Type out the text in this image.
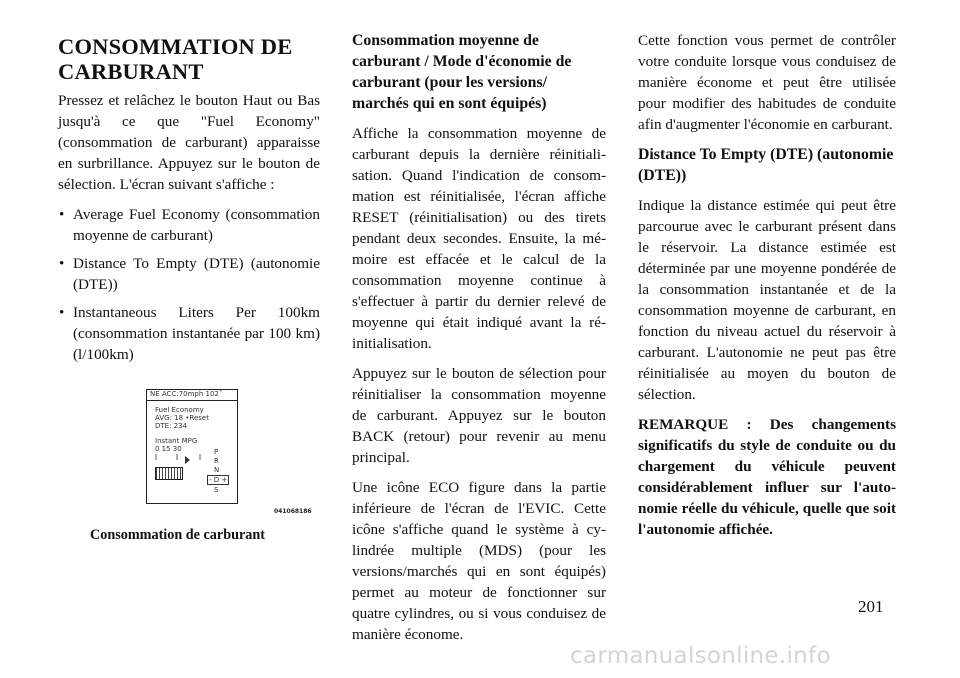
CONSOMMATION DE
CARBURANT

Pressez et relâchez le bouton Haut ou Bas jusqu'à ce que "Fuel Economy" (consommation de carburant) apparaisse en surbrillance. Appuyez sur le bouton de sélection. L'écran suivant s'affiche :

• Average Fuel Economy (consommation moyenne de carburant)
• Distance To Empty (DTE) (autonomie (DTE))
• Instantaneous Liters Per 100km (consommation instantanée par 100 km) (l/100km)
NE ACC:70mph 102˚
Fuel Economy
AVG: 18 •Reset
DTE: 234
Instant MPG
0 15 30	P
R
N
- D +
S
041068186
Consommation de carburant
Consommation moyenne de carburant / Mode d'économie de carburant (pour les versions/ marchés qui en sont équipés)

Affiche la consommation moyenne de carburant depuis la dernière réinitialisation. Quand l'indication de consommation est réinitialisée, l'écran affiche RESET (réinitialisation) ou des tirets pendant deux secondes. Ensuite, la mémoire est effacée et le calcul de la consommation moyenne continue à s'effectuer à partir du dernier relevé de moyenne qui était indiqué avant la réinitialisation.

Appuyez sur le bouton de sélection pour réinitialiser la consommation moyenne de carburant. Appuyez sur le bouton BACK (retour) pour revenir au menu principal.

Une icône ECO figure dans la partie inférieure de l'écran de l'EVIC. Cette icône s'affiche quand le système à cylindrée multiple (MDS) (pour les versions/marchés qui en sont équipés) permet au moteur de fonctionner sur quatre cylindres, ou si vous conduisez de manière économe.

Cette fonction vous permet de contrôler votre conduite lorsque vous conduisez de manière économe et peut être utilisée pour modifier des habitudes de conduite afin d'augmenter l'économie en carburant.

Distance To Empty (DTE) (autonomie (DTE))

Indique la distance estimée qui peut être parcourue avec le carburant présent dans le réservoir. La distance estimée est déterminée par une moyenne pondérée de la consommation instantanée et de la consommation moyenne de carburant, en fonction du niveau actuel du réservoir à carburant. L'autonomie ne peut pas être réinitialisée au moyen du bouton de sélection.

REMARQUE : Des changements significatifs du style de conduite ou du chargement du véhicule peuvent considérablement influer sur l'autonomie réelle du véhicule, quelle que soit l'autonomie affichée.

201
carmanualsonline.info
